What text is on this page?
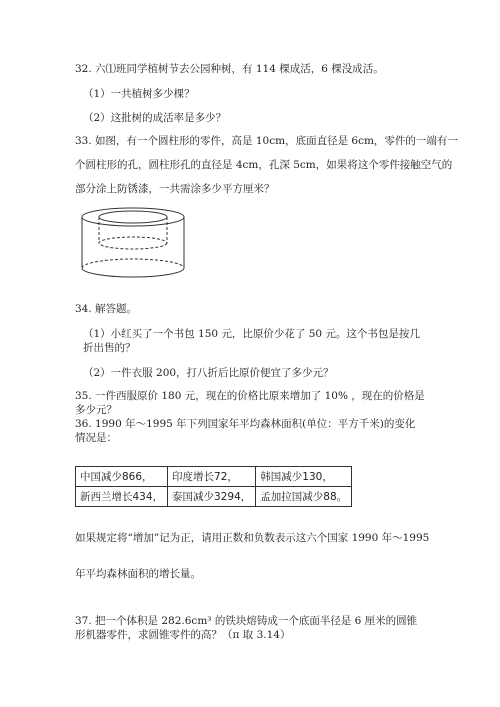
32. 六⑴班同学植树节去公园种树，有 114 棵成活，6 棵没成活。
（1）一共植树多少棵？
（2）这批树的成活率是多少？
33. 如图，有一个圆柱形的零件，高是 10cm，底面直径是 6cm，零件的一端有一
个圆柱形的孔，圆柱形孔的直径是 4cm，孔深 5cm，如果将这个零件接触空气的
部分涂上防锈漆，一共需涂多少平方厘米？
34. 解答题。
（1）小红买了一个书包 150 元，比原价少花了 50 元。这个书包是按几折出售的？
（2）一件衣服 200，打八折后比原价便宜了多少元？
35. 一件西服原价 180 元，现在的价格比原来增加了 10% ，现在的价格是多少元？
36. 1990 年～1995 年下列国家年平均森林面积(单位：平方千米)的变化情况是：
中国减少866，	印度增长72，	韩国减少130，
新西兰增长434，	泰国减少3294，	孟加拉国减少88。
如果规定将“增加”记为正，请用正数和负数表示这六个国家 1990 年～1995
年平均森林面积的增长量。
37. 把一个体积是 282.6cm³ 的铁块熔铸成一个底面半径是 6 厘米的圆锥形机器零件，求圆锥零件的高？（π 取 3.14）
